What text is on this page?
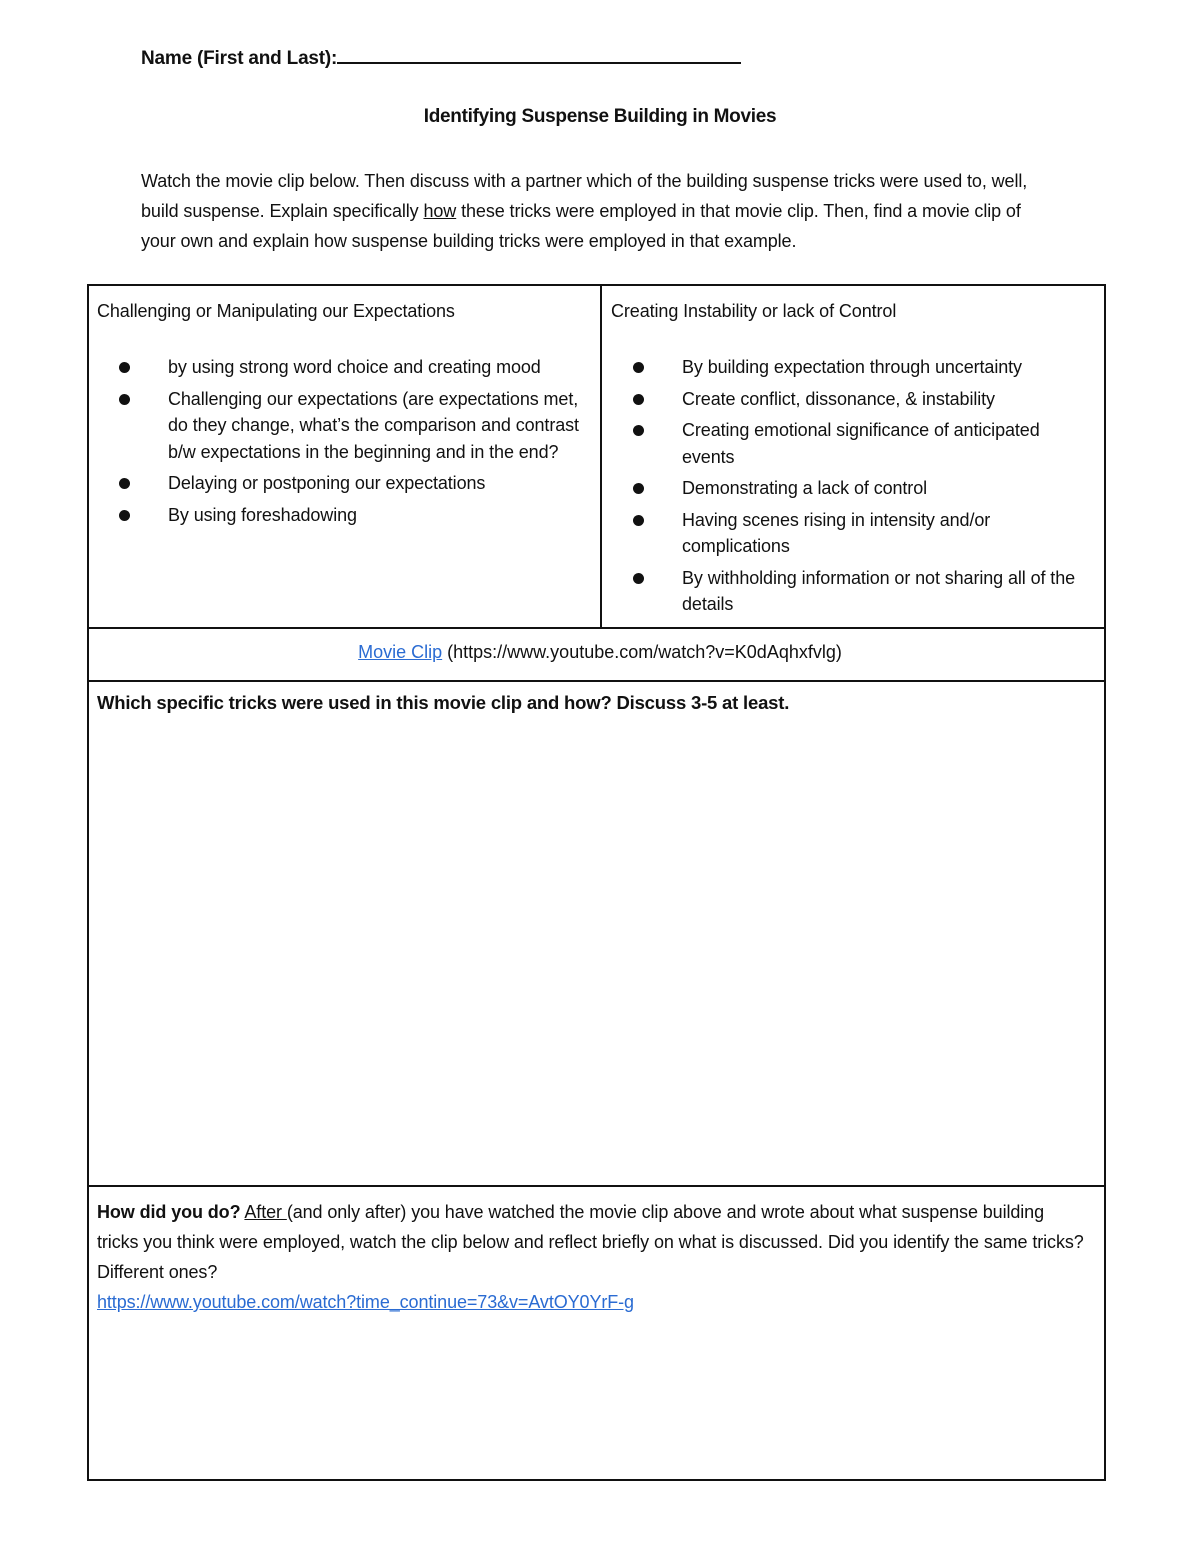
Name (First and Last):
Identifying Suspense Building in Movies
Watch the movie clip below. Then discuss with a partner which of the building suspense tricks were used to, well, build suspense. Explain specifically how these tricks were employed in that movie clip. Then, find a movie clip of your own and explain how suspense building tricks were employed in that example.
Challenging or Manipulating our Expectations
by using strong word choice and creating mood
Challenging our expectations (are expectations met, do they change, what’s the comparison and contrast b/w expectations in the beginning and in the end?
Delaying or postponing our expectations
By using foreshadowing
Creating Instability or lack of Control
By building expectation through uncertainty
Create conflict, dissonance, & instability
Creating emotional significance of anticipated events
Demonstrating a lack of control
Having scenes rising in intensity and/or complications
By withholding information or not sharing all of the details
Movie Clip (https://www.youtube.com/watch?v=K0dAqhxfvlg)
Which specific tricks were used in this movie clip and how? Discuss 3-5 at least.
How did you do? After (and only after) you have watched the movie clip above and wrote about what suspense building tricks you think were employed, watch the clip below and reflect briefly on what is discussed. Did you identify the same tricks? Different ones?
https://www.youtube.com/watch?time_continue=73&v=AvtOY0YrF-g
